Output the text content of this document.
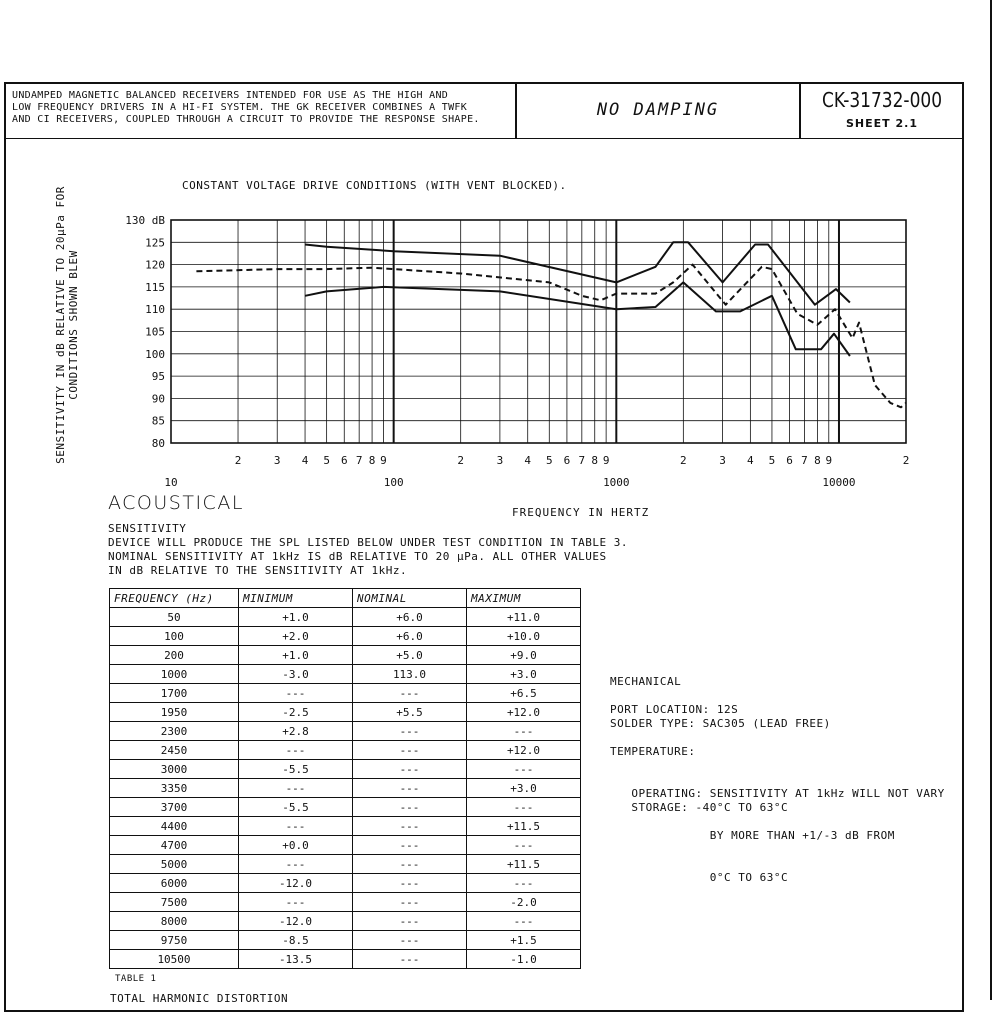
UNDAMPED MAGNETIC BALANCED RECEIVERS INTENDED FOR USE AS THE HIGH AND
LOW FREQUENCY DRIVERS IN A HI-FI SYSTEM. THE GK RECEIVER COMBINES A TWFK
AND CI RECEIVERS, COUPLED THROUGH A CIRCUIT TO PROVIDE THE RESPONSE SHAPE.	NO DAMPING	CK-31732-000
SHEET 2.1
130 dB
125
120
115
110
105
100
95
90
85
80
2	3 4 5 6 7 8 9	2	3 4 5 6 7 8 9	2	3 4 5 6 7 8 9	2
10	100	1000	10000
CONSTANT VOLTAGE DRIVE CONDITIONS (WITH VENT BLOCKED).
SENSITIVITY IN dB RELATIVE TO 20µPa FOR CONDITIONS SHOWN BLEW
FREQUENCY IN HERTZ
ACOUSTICAL
SENSITIVITY
DEVICE WILL PRODUCE THE SPL LISTED BELOW UNDER TEST CONDITION IN TABLE 3.
NOMINAL SENSITIVITY AT 1kHz IS dB RELATIVE TO 20 µPa. ALL OTHER VALUES
IN dB RELATIVE TO THE SENSITIVITY AT 1kHz.
FREQUENCY (Hz)	MINIMUM	NOMINAL	MAXIMUM
50	+1.0	+6.0	+11.0
100	+2.0	+6.0	+10.0
200	+1.0	+5.0	+9.0
1000	-3.0	113.0	+3.0
1700	---	---	+6.5
1950	-2.5	+5.5	+12.0
2300	+2.8	---	---
2450	---	---	+12.0
3000	-5.5	---	---
3350	---	---	+3.0
3700	-5.5	---	---
4400	---	---	+11.5
4700	+0.0	---	---
5000	---	---	+11.5
6000	-12.0	---	---
7500	---	---	-2.0
8000	-12.0	---	---
9750	-8.5	---	+1.5
10500	-13.5	---	-1.0
TABLE 1
TOTAL HARMONIC DISTORTION
MECHANICAL
PORT LOCATION: 12S
SOLDER TYPE: SAC305 (LEAD FREE)
TEMPERATURE:

OPERATING: SENSITIVITY AT 1kHz WILL NOT VARY

BY MORE THAN +1/-3 dB FROM

0°C TO 63°C

STORAGE: -40°C TO 63°C
